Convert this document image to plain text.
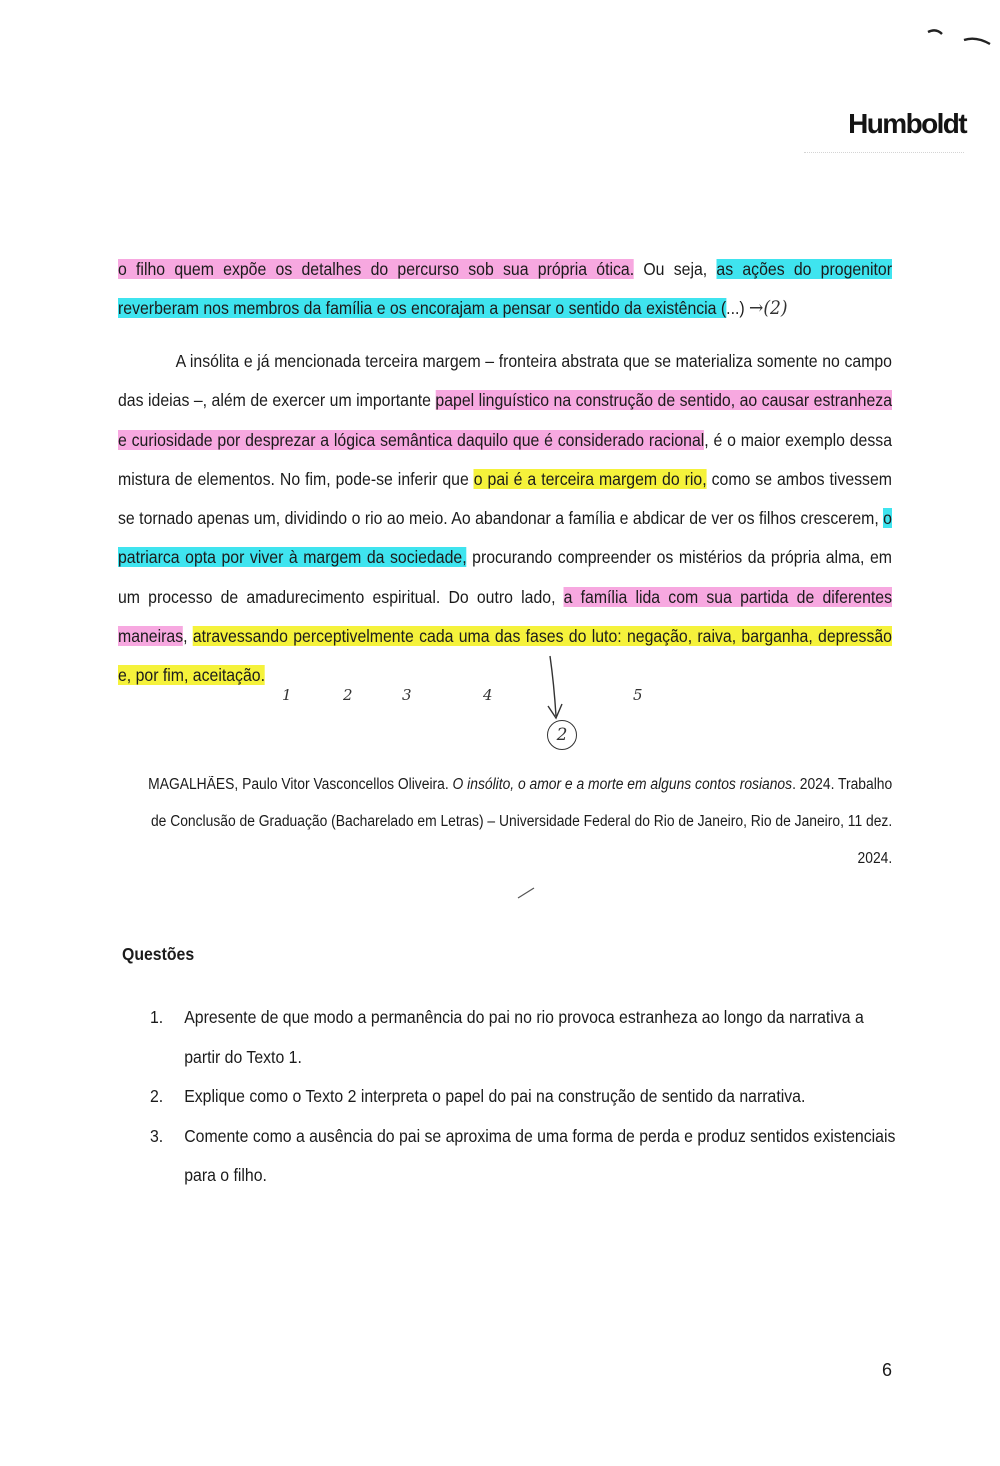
Humboldt

o filho quem expõe os detalhes do percurso sob sua própria ótica. Ou seja, as ações do progenitor reverberam nos membros da família e os encorajam a pensar o sentido da existência (...) →(2)

A insólita e já mencionada terceira margem – fronteira abstrata que se materializa somente no campo das ideias –, além de exercer um importante papel linguístico na construção de sentido, ao causar estranheza e curiosidade por desprezar a lógica semântica daquilo que é considerado racional, é o maior exemplo dessa mistura de elementos. No fim, pode-se inferir que o pai é a terceira margem do rio, como se ambos tivessem se tornado apenas um, dividindo o rio ao meio. Ao abandonar a família e abdicar de ver os filhos crescerem, o patriarca opta por viver à margem da sociedade, procurando compreender os mistérios da própria alma, em um processo de amadurecimento espiritual. Do outro lado, a família lida com sua partida de diferentes maneiras, atravessando perceptivelmente cada uma das fases do luto: negação, raiva, barganha, depressão e, por fim, aceitação.

1	2	3	4	5
2
MAGALHÃES, Paulo Vitor Vasconcellos Oliveira. O insólito, o amor e a morte em alguns contos rosianos. 2024. Trabalho de Conclusão de Graduação (Bacharelado em Letras) – Universidade Federal do Rio de Janeiro, Rio de Janeiro, 11 dez. 2024.
Questões
1. Apresente de que modo a permanência do pai no rio provoca estranheza ao longo da narrativa a partir do Texto 1.
2. Explique como o Texto 2 interpreta o papel do pai na construção de sentido da narrativa.
3. Comente como a ausência do pai se aproxima de uma forma de perda e produz sentidos existenciais para o filho.
6
